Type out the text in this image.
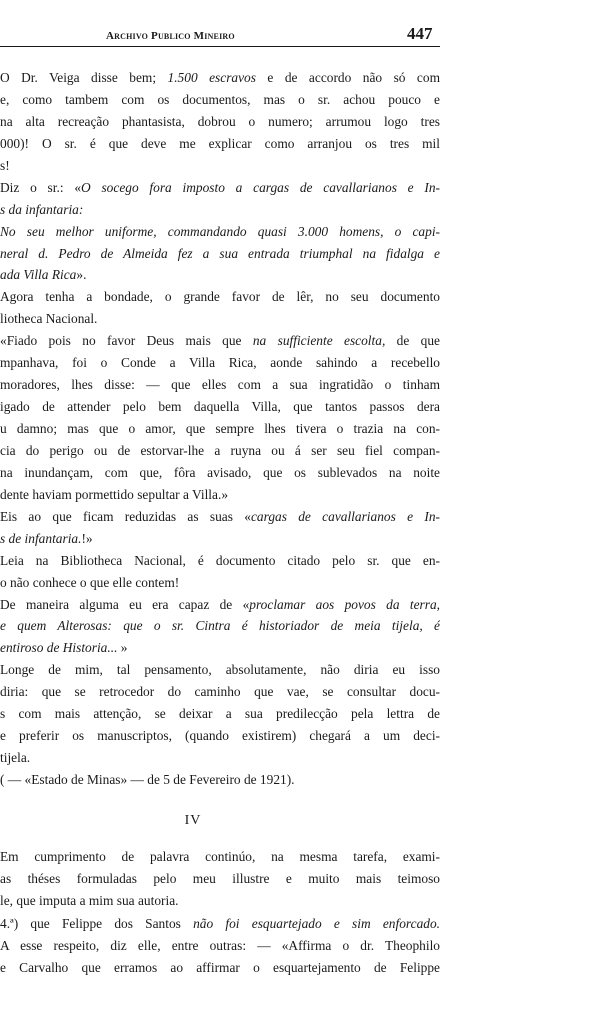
Archivo Publico Mineiro	447
O Dr. Veiga disse bem; 1.500 escravos e de accordo não só com
e, como tambem com os documentos, mas o sr. achou pouco e
na alta recreação phantasista, dobrou o numero; arrumou logo tres
000)! O sr. é que deve me explicar como arranjou os tres mil
s!
Diz o sr.: «O socego fora imposto a cargas de cavallarianos e In-
s da infantaria:
No seu melhor uniforme, commandando quasi 3.000 homens, o capi-
neral d. Pedro de Almeida fez a sua entrada triumphal na fidalga e
ada Villa Rica».
Agora tenha a bondade, o grande favor de lêr, no seu documento
liotheca Nacional.
«Fiado pois no favor Deus mais que na sufficiente escolta, de que
mpanhava, foi o Conde a Villa Rica, aonde sahindo a recebello
moradores, lhes disse: — que elles com a sua ingratidão o tinham
igado de attender pelo bem daquella Villa, que tantos passos dera
u damno; mas que o amor, que sempre lhes tivera o trazia na con-
cia do perigo ou de estorvar-lhe a ruyna ou á ser seu fiel compan-
na inundançam, com que, fôra avisado, que os sublevados na noite
dente haviam pormettido sepultar a Villa.»
Eis ao que ficam reduzidas as suas «cargas de cavallarianos e In-
s de infantaria.!»
Leia na Bibliotheca Nacional, é documento citado pelo sr. que en-
o não conhece o que elle contem!
De maneira alguma eu era capaz de «proclamar aos povos da terra,
e quem Alterosas: que o sr. Cintra é historiador de meia tijela, é
entiroso de Historia... »
Longe de mim, tal pensamento, absolutamente, não diria eu isso
diria: que se retrocedor do caminho que vae, se consultar docu-
s com mais attenção, se deixar a sua predilecção pela lettra de
e preferir os manuscriptos, (quando existirem) chegará a um deci-
tijela.
( — «Estado de Minas» — de 5 de Fevereiro de 1921).
IV
Em cumprimento de palavra continúo, na mesma tarefa, exami-
as théses formuladas pelo meu illustre e muito mais teimoso
le, que imputa a mim sua autoria.
4.ª) que Felippe dos Santos não foi esquartejado e sim enforcado.
A esse respeito, diz elle, entre outras: — «Affirma o dr. Theophilo
e Carvalho que erramos ao affirmar o esquartejamento de Felippe
